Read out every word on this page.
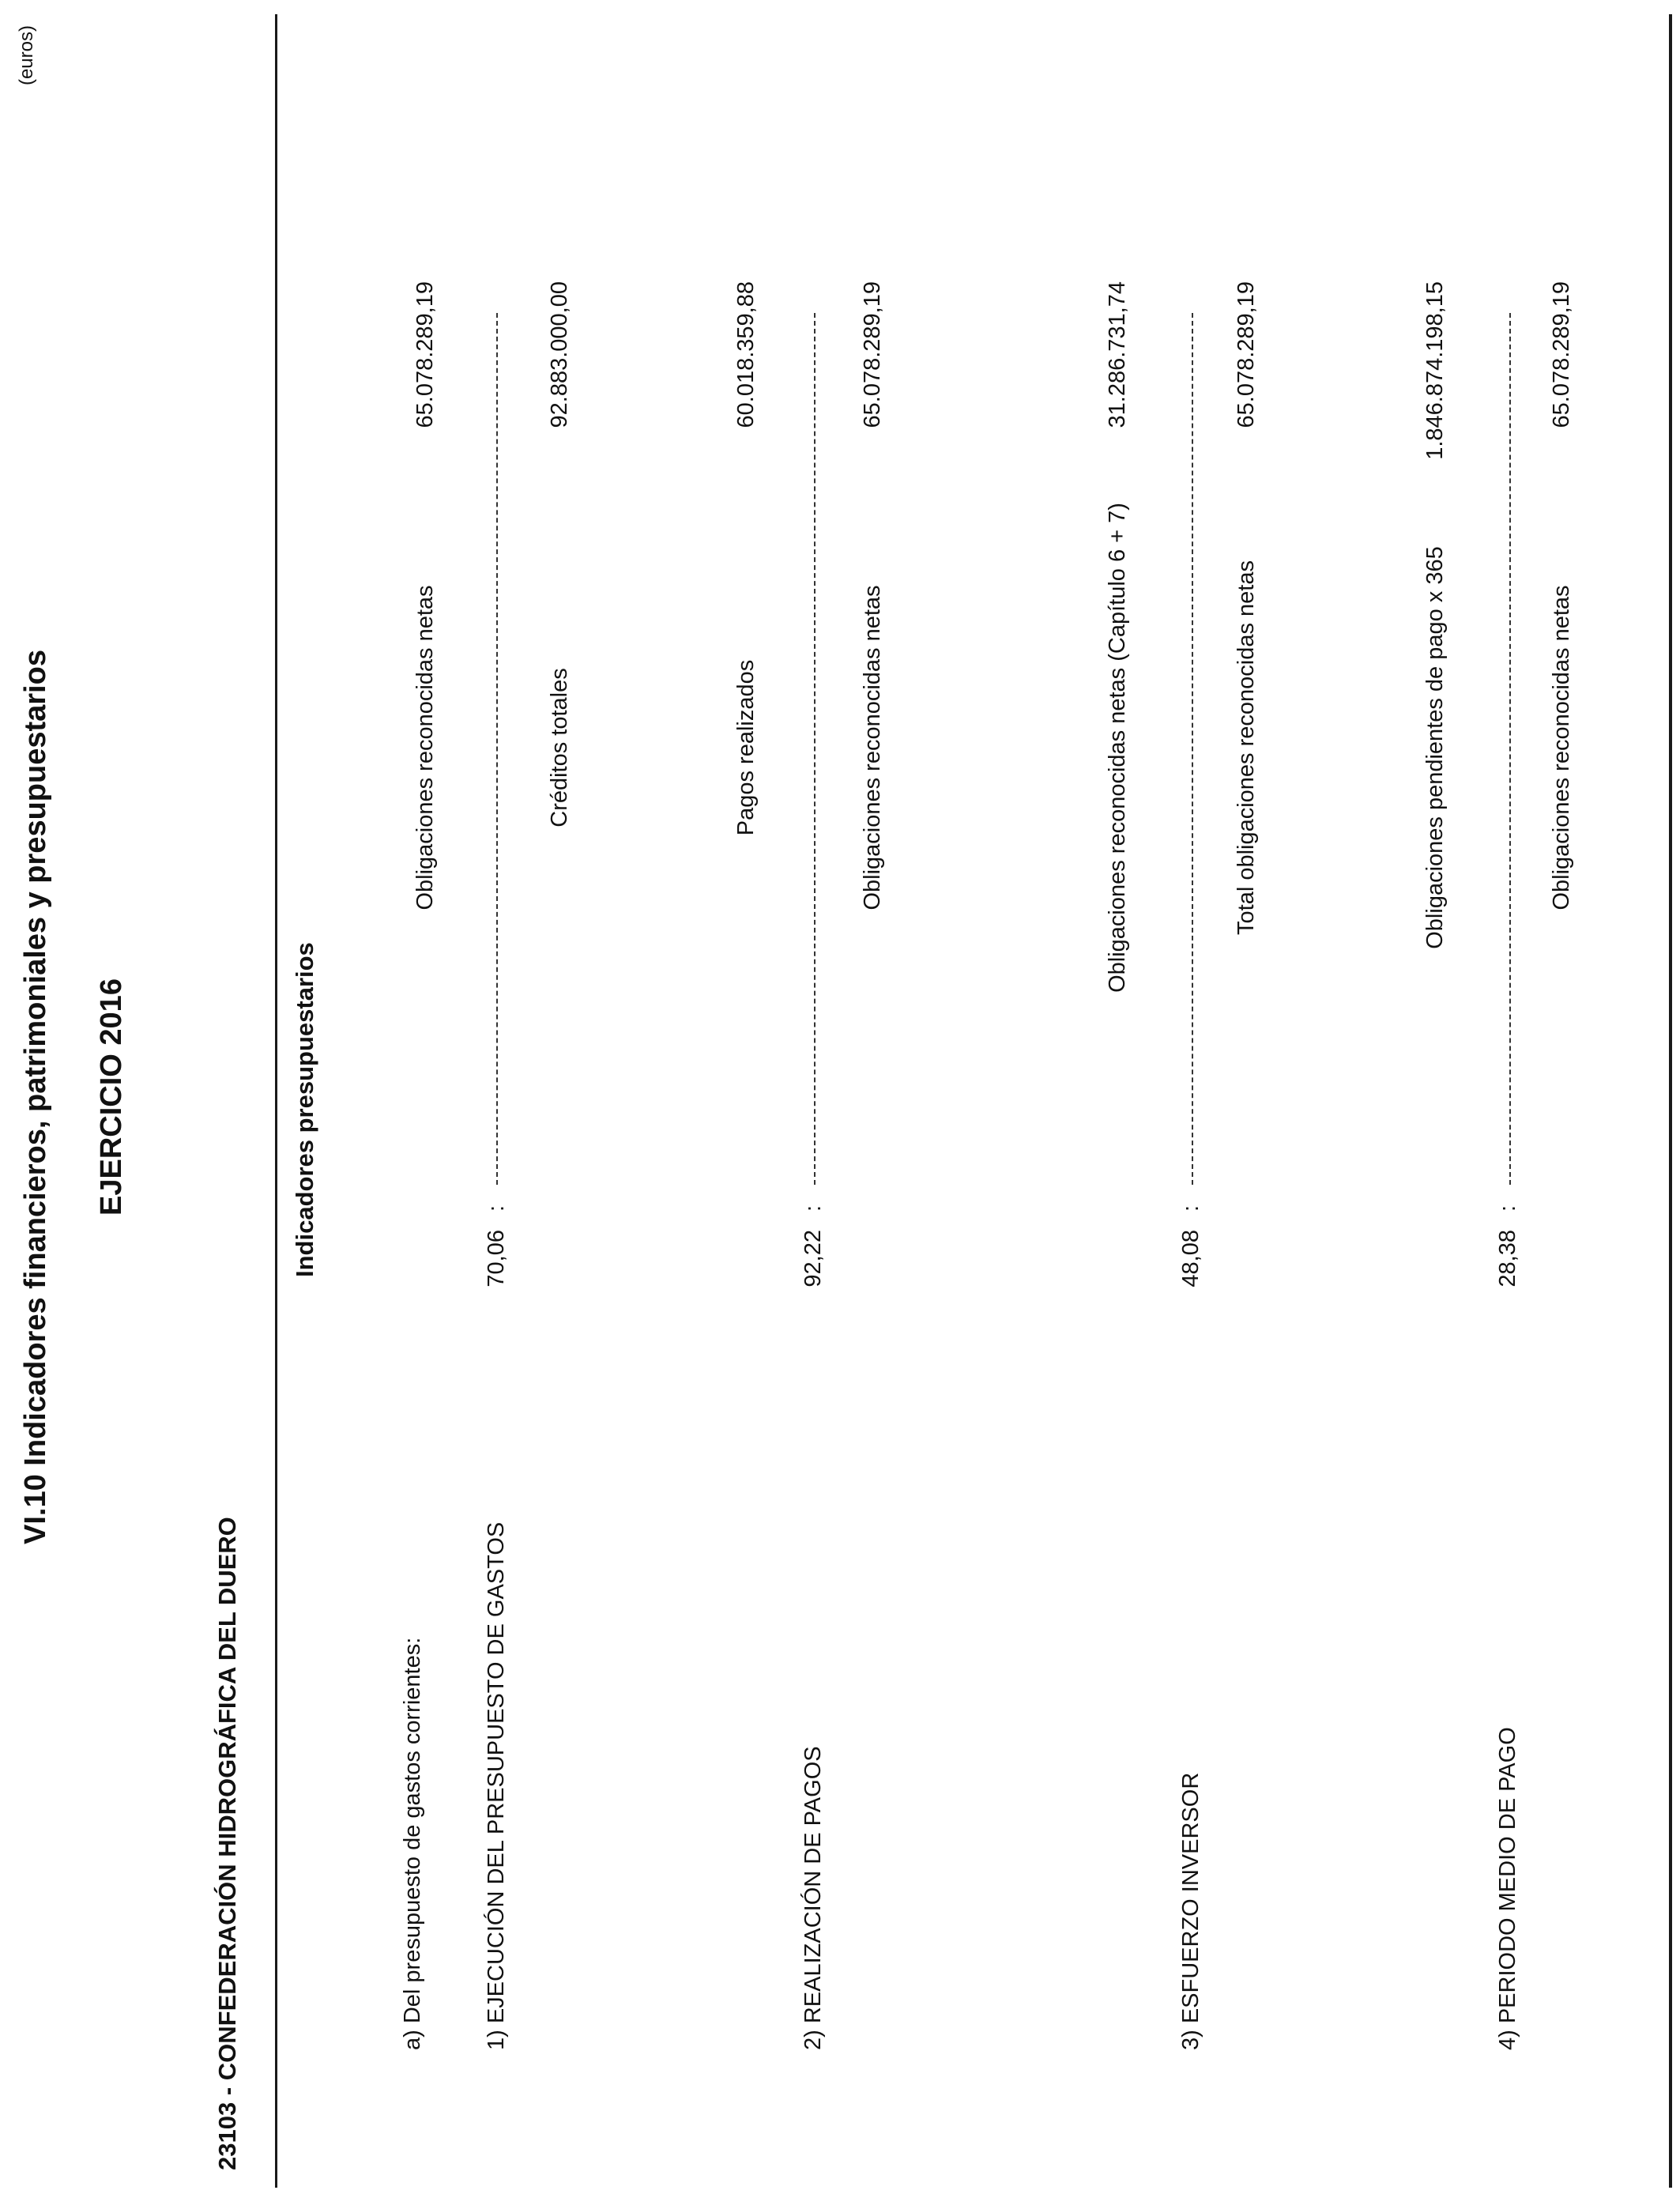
VI.10 Indicadores financieros, patrimoniales y presupuestarios EJERCICIO 2016
(euros)
23103 - CONFEDERACIÓN HIDROGRÁFICA DEL DUERO
Indicadores presupuestarios
a) Del presupuesto de gastos corrientes:	1) EJECUCIÓN DEL PRESUPUESTO DE GASTOS
70,06
:
Obligaciones reconocidas netas	Créditos totales
65.078.289,19	92.883.000,00
2) REALIZACIÓN DE PAGOS
92,22
:
Pagos realizados	Obligaciones reconocidas netas
60.018.359,88	65.078.289,19
3) ESFUERZO INVERSOR
48,08
:
Obligaciones reconocidas netas (Capítulo 6 + 7)	Total obligaciones reconocidas netas
31.286.731,74	65.078.289,19
4) PERIODO MEDIO DE PAGO
28,38
:
Obligaciones pendientes de pago x 365	Obligaciones reconocidas netas
1.846.874.198,15	65.078.289,19
